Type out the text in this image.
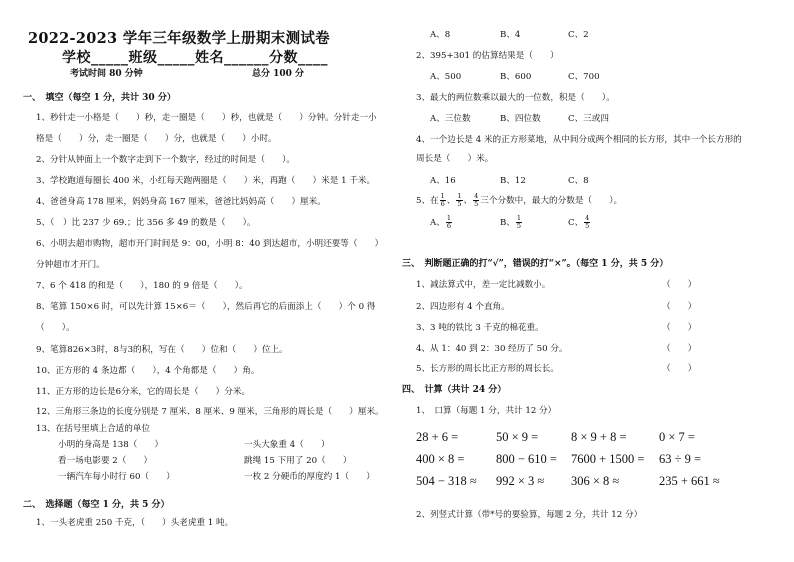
2022-2023 学年三年级数学上册期末测试卷
学校_____班级_____姓名______分数____
考试时间 80 分钟	总分 100 分
一、　填空（每空 1 分，共计 30 分）
1、秒针走一小格是（　　）秒，走一圈是（　　）秒，也就是（　　）分钟。分针走一小
格是（　　）分，走一圈是（　　）分，也就是（　　）小时。
2、分针从钟面上一个数字走到下一个数字，经过的时间是（　　）。
3、学校跑道每圈长 400 米，小红每天跑两圈是（　　）米，再跑（　　）米是 1 千米。
4、爸爸身高 178 厘米，妈妈身高 167 厘米，爸爸比妈妈高（　　）厘米。
5、（　）比 237 少 69.；比 356 多 49 的数是（　　）。
6、小明去超市购物，超市开门时间是 9：00，小明 8：40 到达超市，小明还要等（　　）
分钟超市才开门。
7、6 个 418 的和是（　　），180 的 9 倍是（　　）。
8、笔算 150×6 时，可以先计算 15×6＝（　　），然后再它的后面添上（　　）个 0 得
（　　）。
9、笔算826×3时，8与3的积，写在（　　）位和（　　）位上。
10、正方形的 4 条边都（　　），4 个角都是（　　）角。
11、正方形的边长是6分米，它的周长是（　　）分米。
12、三角形三条边的长度分别是 7 厘米、8 厘米、9 厘米，三角形的周长是（　　）厘米。
13、在括号里填上合适的单位
小明的身高是 138（　　）	一头大象重 4（　　）
看一场电影要 2（　　）	跳绳 15 下用了 20（　　）
一辆汽车每小时行 60（　　）	一枚 2 分硬币的厚度约 1（　　）
二、　选择题（每空 1 分，共 5 分）
1、一头老虎重 250 千克，（　　）头老虎重 1 吨。
A、8	B、4	C、2
2、395+301 的估算结果是（　　）
A、500	B、600	C、700
3、最大的两位数乘以最大的一位数，积是（　　）。
A、三位数	B、四位数	C、三或四
4、一个边长是 4 米的正方形菜地，从中间分成两个相同的长方形，其中一个长方形的
周长是（　　）米。
A、16	B、12	C、8
5、在 $\frac{1}{6}$ 、 $\frac{1}{5}$ 、 $\frac{4}{5}$ 三个分数中，最大的分数是（　　）。
A、 $\frac{1}{6}$	B、 $\frac{1}{5}$	C、 $\frac{4}{5}$
三、　判断题正确的打“√”，错误的打“×”。（每空 1 分，共 5 分）
1、减法算式中，差一定比减数小。	（　　）
2、四边形有 4 个直角。	（　　）
3、3 吨的铁比 3 千克的棉花重。	（　　）
4、从 1：40 到 2：30 经历了 50 分。	（　　）
5、长方形的周长比正方形的周长长。	（　　）
四、　计算（共计 24 分）
1、　口算（每题 1 分，共计 12 分）
28 + 6 =	50 × 9 =	8 × 9 + 8 =	0 × 7 =
400 × 8 =	800 − 610 = 7600 + 1500 = 63 ÷ 9 =
504 − 318 ≈ 992 × 3 ≈ 306 × 8 ≈	235 + 661 ≈
2、列竖式计算（带*号的要验算，每题 2 分，共计 12 分）
